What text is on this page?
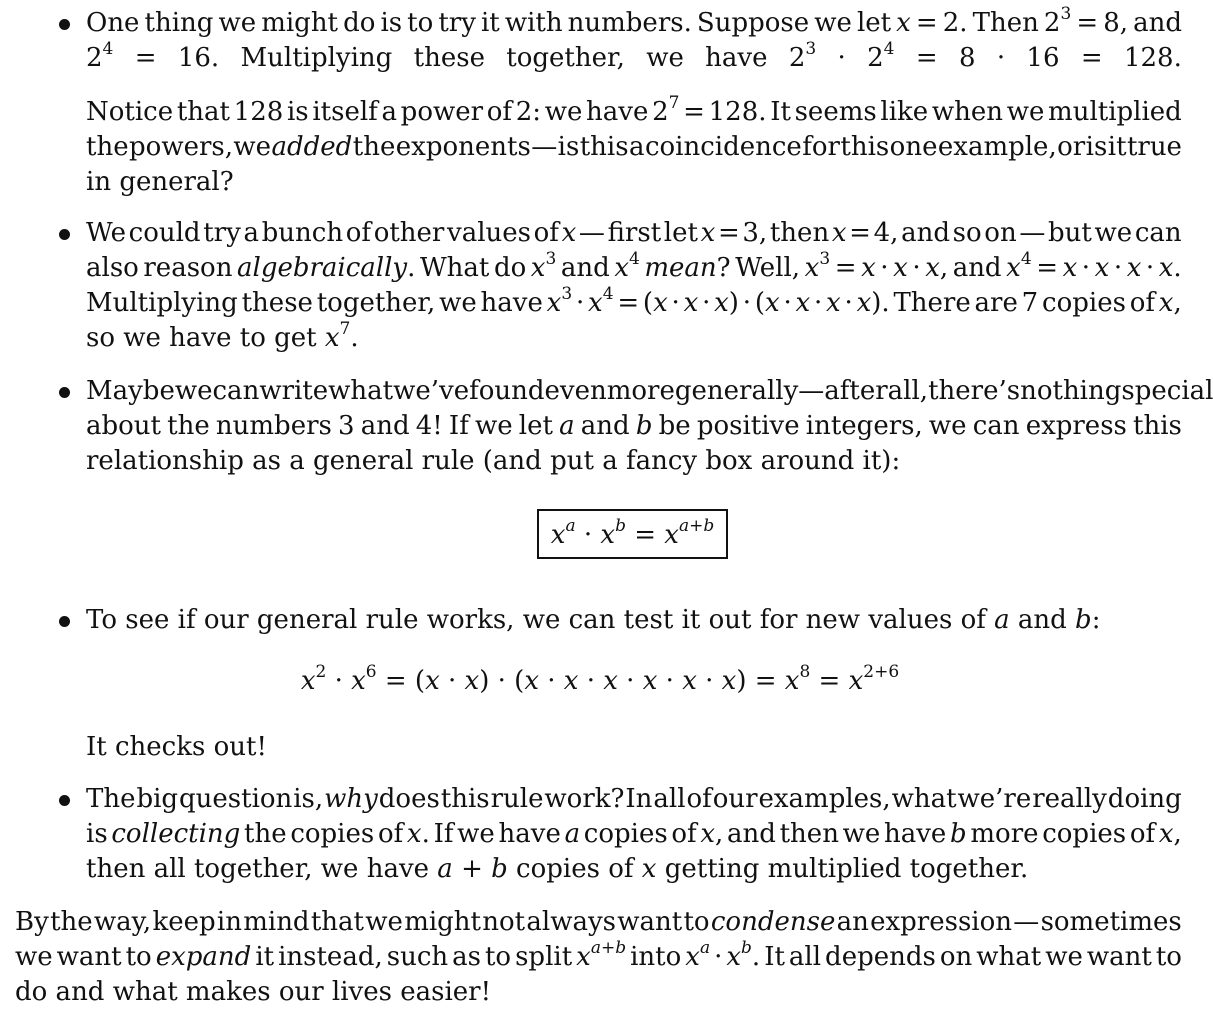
One thing we might do is to try it with numbers. Suppose we let x = 2. Then $2^3 = 8$, and
$2^4 = 16$. Multiplying these together, we have $2^3 \cdot 2^4 = 8 \cdot 16 = 128$.
Notice that 128 is itself a power of 2: we have $2^7 = 128$. It seems like when we multiplied
the powers, we added the exponents — is this a coincidence for this one example, or is it true
in general?
We could try a bunch of other values of x — first let x = 3, then x = 4, and so on — but we can
also reason algebraically. What do $x^3$ and $x^4$ mean? Well, $x^3 = x \cdot x \cdot x$, and $x^4 = x \cdot x \cdot x \cdot x$.
Multiplying these together, we have $x^3 \cdot x^4 = (x \cdot x \cdot x) \cdot (x \cdot x \cdot x \cdot x)$. There are 7 copies of x,
so we have to get $x^7$.
Maybe we can write what we’ve found even more generally — after all, there’s nothing special
about the numbers 3 and 4! If we let a and b be positive integers, we can express this
relationship as a general rule (and put a fancy box around it):
$x^a \cdot x^b = x^{a+b}$
To see if our general rule works, we can test it out for new values of a and b:
It checks out!
$x^2 \cdot x^6 = (x \cdot x) \cdot (x \cdot x \cdot x \cdot x \cdot x \cdot x) = x^8 = x^{2+6}$
The big question is, why does this rule work? In all of our examples, what we’re really doing
is collecting the copies of x. If we have a copies of x, and then we have b more copies of x,
then all together, we have a + b copies of x getting multiplied together.
By the way, keep in mind that we might not always want to condense an expression — sometimes
we want to expand it instead, such as to split $x^{a+b}$ into $x^a \cdot x^b$. It all depends on what we want to
do and what makes our lives easier!
